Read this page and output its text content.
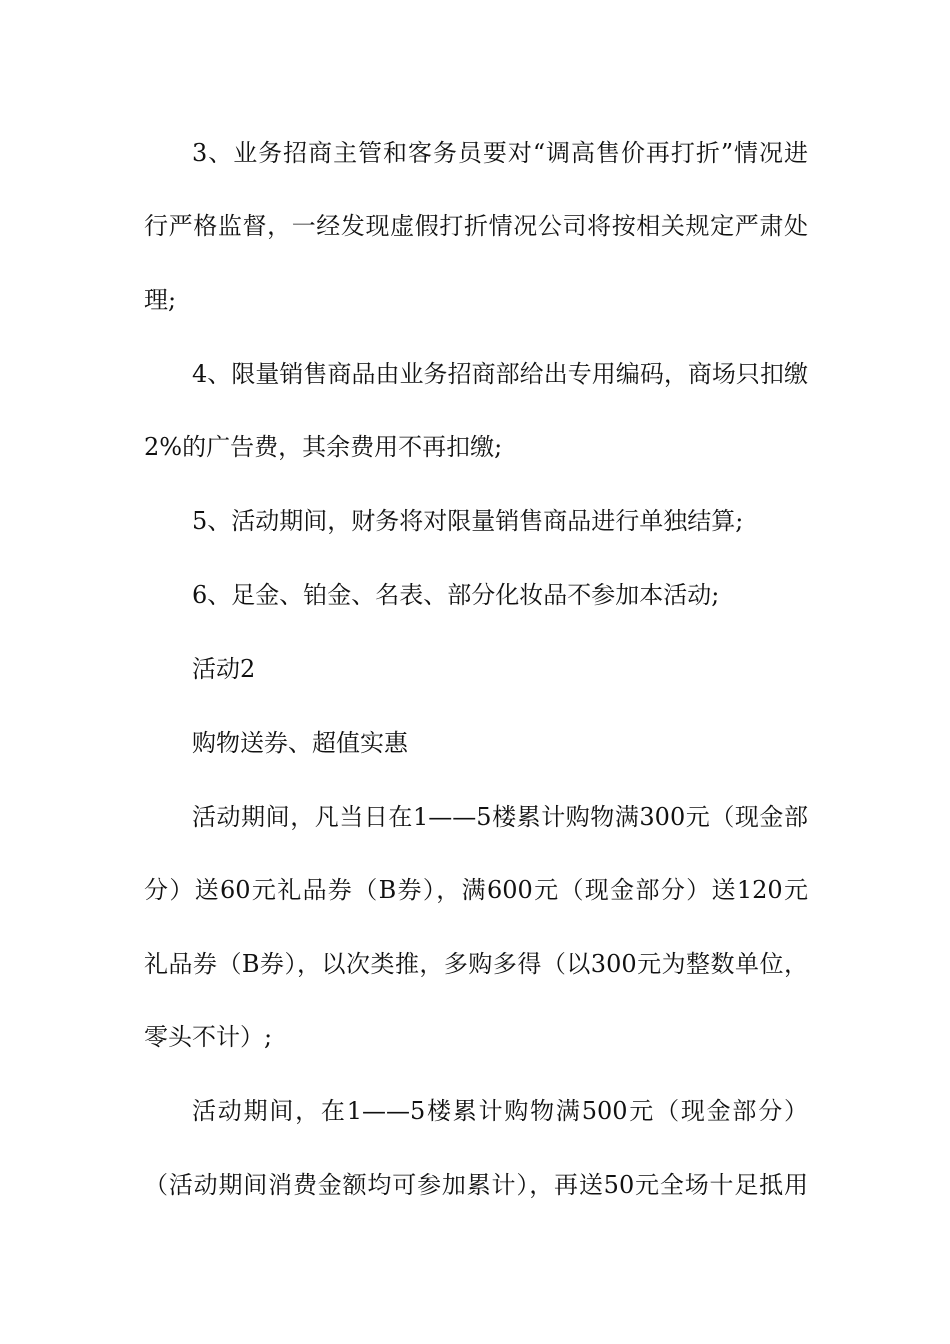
3、业务招商主管和客务员要对“调高售价再打折”情况进
行严格监督，一经发现虚假打折情况公司将按相关规定严肃处
理;
4、限量销售商品由业务招商部给出专用编码，商场只扣缴
2%的广告费，其余费用不再扣缴;
5、活动期间，财务将对限量销售商品进行单独结算;
6、足金、铂金、名表、部分化妆品不参加本活动;
活动2
购物送券、超值实惠
活动期间，凡当日在1——5楼累计购物满300元（现金部
分）送60元礼品券（B券），满600元（现金部分）送120元
礼品券（B券），以次类推，多购多得（以300元为整数单位，
零头不计）;
活动期间，在1——5楼累计购物满500元（现金部分）
（活动期间消费金额均可参加累计），再送50元全场十足抵用
